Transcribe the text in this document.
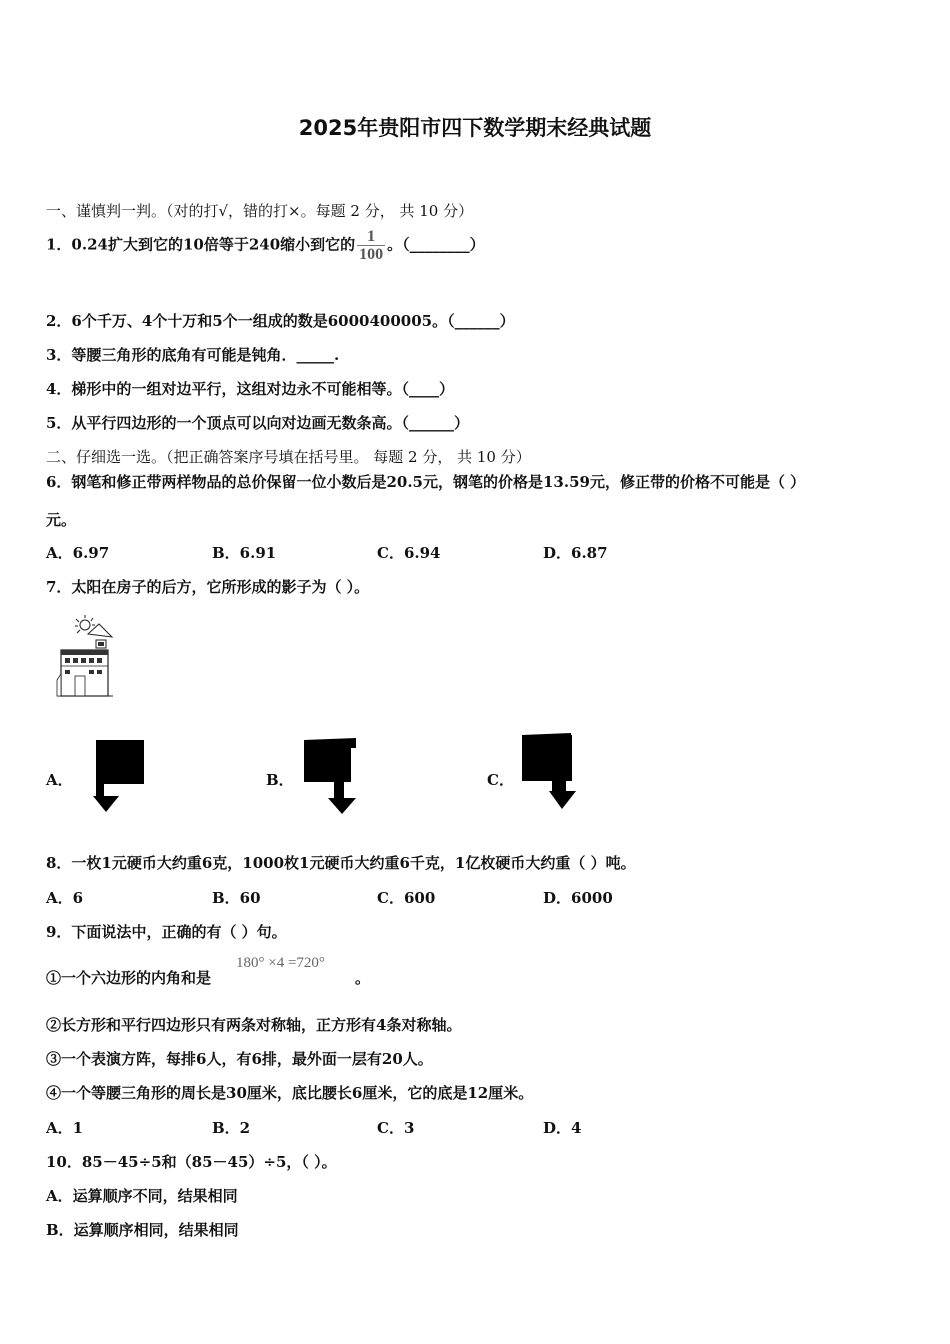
2025年贵阳市四下数学期末经典试题
一、谨慎判一判。（对的打√，错的打×。每题 2 分， 共 10 分）
1．0.24扩大到它的10倍等于240缩小到它的 $\frac{1}{100}$ 。（________）
2．6个千万、4个十万和5个一组成的数是6000400005。（______）
3．等腰三角形的底角有可能是钝角．_____.
4．梯形中的一组对边平行，这组对边永不可能相等。（____）
5．从平行四边形的一个顶点可以向对边画无数条高。（______）
二、仔细选一选。（把正确答案序号填在括号里。 每题 2 分， 共 10 分）
6．钢笔和修正带两样物品的总价保留一位小数后是20.5元，钢笔的价格是13.59元，修正带的价格不可能是（ ）
元。
A．6.97	B．6.91	C．6.94	D．6.87
7．太阳在房子的后方，它所形成的影子为（ ）。
A．	B．	C．
8．一枚1元硬币大约重6克，1000枚1元硬币大约重6千克，1亿枚硬币大约重（ ）吨。
A．6	B．60	C．600	D．6000
9．下面说法中，正确的有（ ）句。
①一个六边形的内角和是
180° ×4 =720°
。
②长方形和平行四边形只有两条对称轴，正方形有4条对称轴。
③一个表演方阵，每排6人，有6排，最外面一层有20人。
④一个等腰三角形的周长是30厘米，底比腰长6厘米，它的底是12厘米。
A．1	B．2	C．3	D．4
10．85－45÷5和（85－45）÷5，（ ）。
A．运算顺序不同，结果相同
B．运算顺序相同，结果相同
